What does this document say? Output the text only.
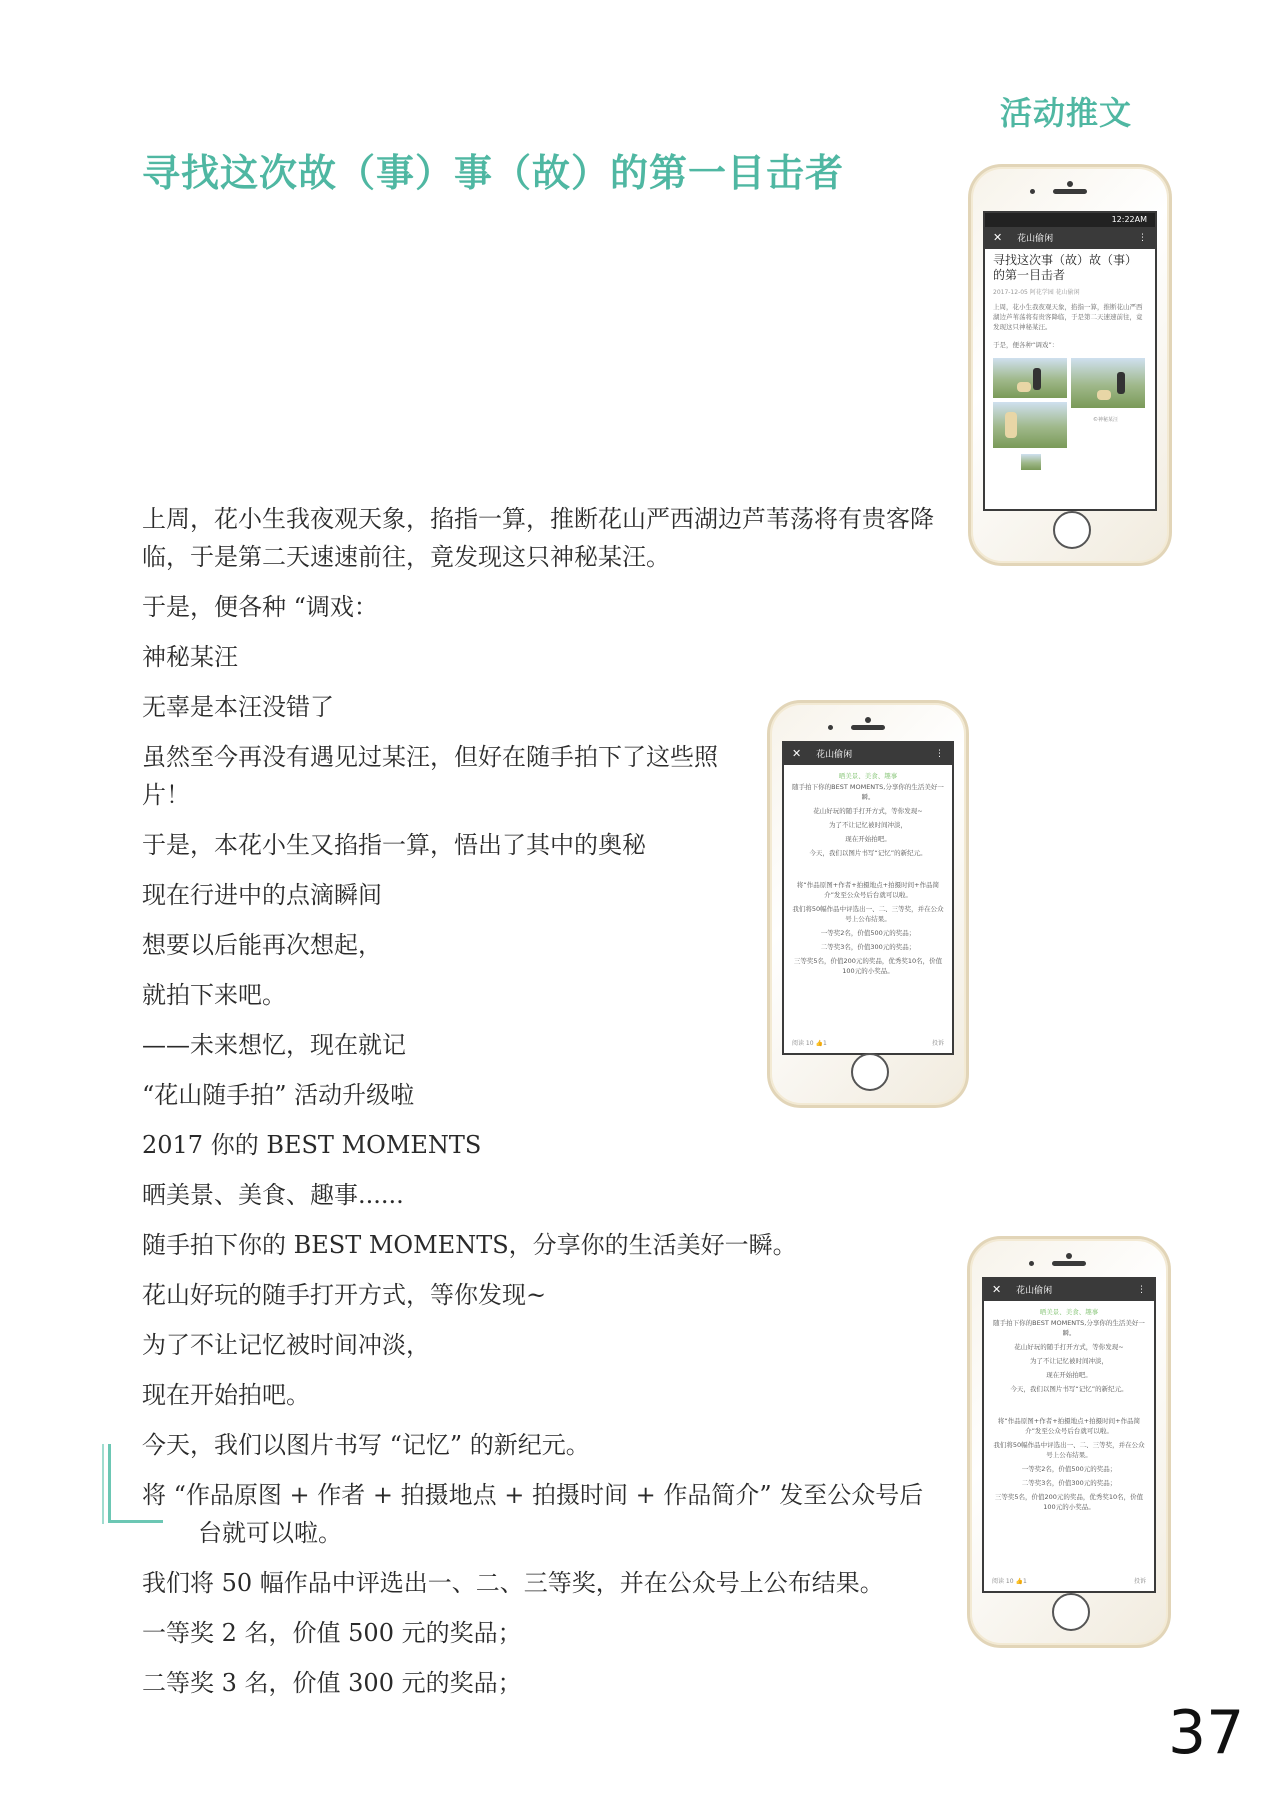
活动推文
寻找这次故（事）事（故）的第一目击者

上周，花小生我夜观天象，掐指一算，推断花山严西湖边芦苇荡将有贵客降临，于是第二天速速前往，竟发现这只神秘某汪。

于是，便各种 “调戏：

神秘某汪

无辜是本汪没错了

虽然至今再没有遇见过某汪，但好在随手拍下了这些照片！

于是，本花小生又掐指一算，悟出了其中的奥秘

现在行进中的点滴瞬间

想要以后能再次想起，

就拍下来吧。

——未来想忆，现在就记

“花山随手拍” 活动升级啦

2017 你的 BEST MOMENTS

晒美景、美食、趣事......

随手拍下你的 BEST MOMENTS，分享你的生活美好一瞬。

花山好玩的随手打开方式，等你发现~

为了不让记忆被时间冲淡，

现在开始拍吧。

今天，我们以图片书写 “记忆” 的新纪元。

将 “作品原图 + 作者 + 拍摄地点 + 拍摄时间 + 作品简介” 发至公众号后台就可以啦。

我们将 50 幅作品中评选出一、二、三等奖，并在公众号上公布结果。

一等奖 2 名，价值 500 元的奖品；

二等奖 3 名，价值 300 元的奖品；

12:22AM
✕ 花山偷闲	⋮
寻找这次事（故）故（事）的第一目击者
2017-12-05 阿花学园 花山偷闲
上周，花小生我夜观天象，掐指一算，推断花山严西湖边芦苇荡将有贵客降临，于是第二天速速前往，竟发现这只神秘某汪。
于是，便各种“调戏”：
©神秘某汪
✕ 花山偷闲	⋮
晒美景、美食、趣事
随手拍下你的BEST MOMENTS,分享你的生活美好一瞬。
花山好玩的随手打开方式，等你发现~
为了不让记忆被时间冲淡，
现在开始拍吧。
今天，我们以图片书写“记忆”的新纪元。
将“作品原图+作者+拍摄地点+拍摄时间+作品简介”发至公众号后台就可以啦。
我们将50幅作品中评选出一、二、三等奖，并在公众号上公布结果。
一等奖2名，价值500元的奖品；
二等奖3名，价值300元的奖品；
三等奖5名，价值200元的奖品，优秀奖10名，价值100元的小奖品。
阅读 10 👍1	投诉
✕ 花山偷闲	⋮
晒美景、美食、趣事
随手拍下你的BEST MOMENTS,分享你的生活美好一瞬。
花山好玩的随手打开方式，等你发现~
为了不让记忆被时间冲淡，
现在开始拍吧。
今天，我们以图片书写“记忆”的新纪元。
将“作品原图+作者+拍摄地点+拍摄时间+作品简介”发至公众号后台就可以啦。
我们将50幅作品中评选出一、二、三等奖，并在公众号上公布结果。
一等奖2名，价值500元的奖品；
二等奖3名，价值300元的奖品；
三等奖5名，价值200元的奖品，优秀奖10名，价值100元的小奖品。
阅读 10 👍1	投诉
37
